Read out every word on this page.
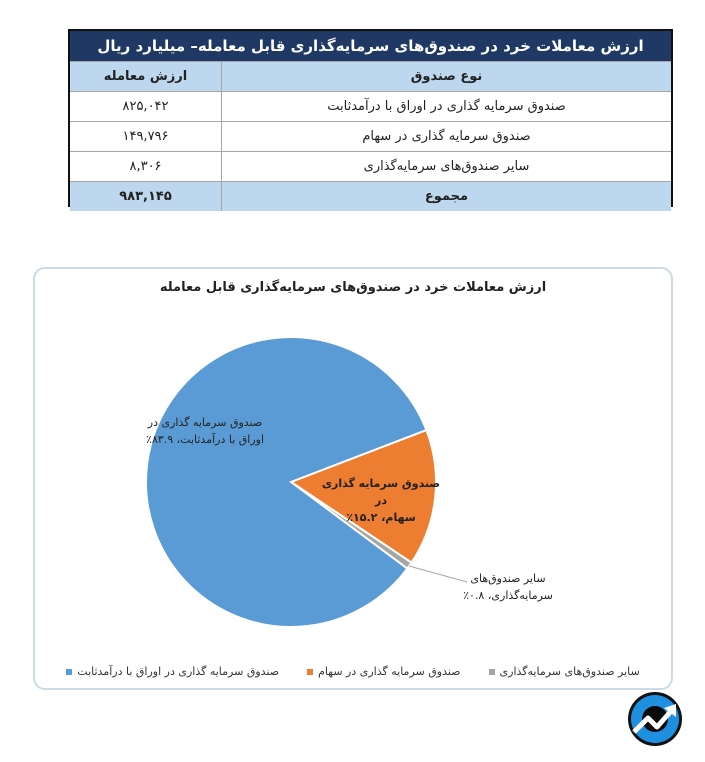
ارزش معاملات خرد در صندوق‌های سرمایه‌گذاری قابل معامله– میلیارد ریال
نوع صندوق
ارزش معامله
صندوق سرمایه گذاری در اوراق با درآمدثابت
۸۲۵,۰۴۲
صندوق سرمایه گذاری در سهام
۱۴۹,۷۹۶
سایر صندوق‌های سرمایه‌گذاری
۸,۳۰۶
مجموع
۹۸۳,۱۴۵
ارزش معاملات خرد در صندوق‌های سرمایه‌گذاری قابل معامله
صندوق سرمایه گذاری در
اوراق با درآمدثابت، ۸۳.۹٪
صندوق سرمایه گذاری در
سهام، ۱۵.۲٪
سایر صندوق‌های
سرمایه‌گذاری، ۰.۸٪
سایر صندوق‌های سرمایه‌گذاری
صندوق سرمایه گذاری در سهام
صندوق سرمایه گذاری در اوراق با درآمدثابت
